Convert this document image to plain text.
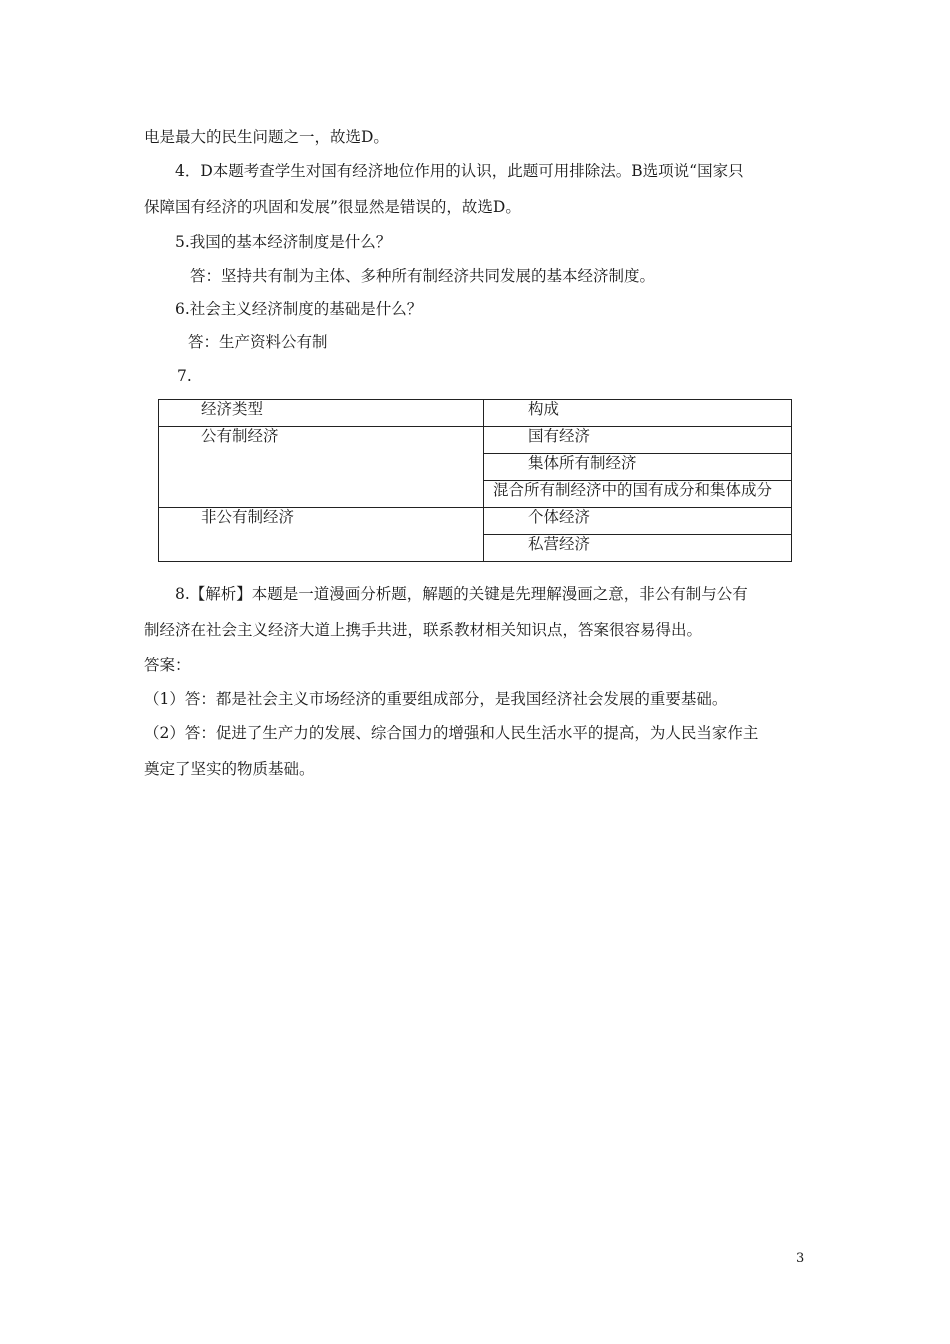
电是最大的民生问题之一，故选D。
4．D本题考查学生对国有经济地位作用的认识，此题可用排除法。B选项说“国家只
保障国有经济的巩固和发展”很显然是错误的，故选D。
5.我国的基本经济制度是什么？
答：坚持共有制为主体、多种所有制经济共同发展的基本经济制度。
6.社会主义经济制度的基础是什么？
答：生产资料公有制
7.
经济类型	构成
公有制经济	国有经济
	集体所有制经济
	混合所有制经济中的国有成分和集体成分
非公有制经济	个体经济
	私营经济
8.【解析】本题是一道漫画分析题，解题的关键是先理解漫画之意，非公有制与公有
制经济在社会主义经济大道上携手共进，联系教材相关知识点，答案很容易得出。
答案：
（1）答：都是社会主义市场经济的重要组成部分，是我国经济社会发展的重要基础。
（2）答：促进了生产力的发展、综合国力的增强和人民生活水平的提高，为人民当家作主
奠定了坚实的物质基础。
3
